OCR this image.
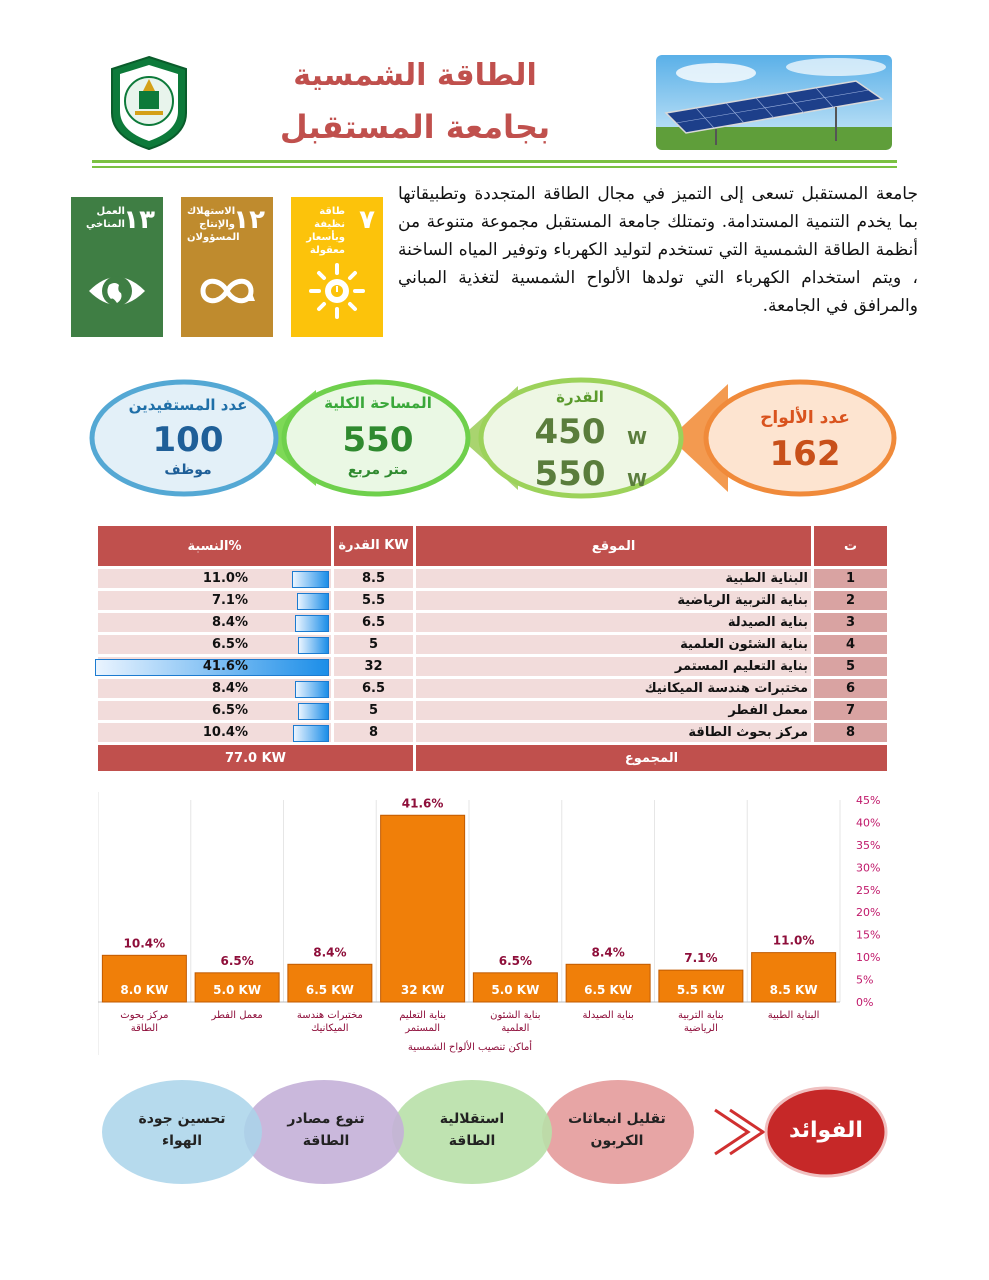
الطاقة الشمسية
بجامعة المستقبل
٧
طاقة نظيفة وبأسعار معقولة
١٢
الاستهلاك والإنتاج المسؤولان
١٣
العمل المناخي
جامعة المستقبل تسعى إلى التميز في مجال الطاقة المتجددة وتطبيقاتها بما يخدم التنمية المستدامة. وتمتلك جامعة المستقبل مجموعة متنوعة من أنظمة الطاقة الشمسية التي تستخدم لتوليد الكهرباء وتوفير المياه الساخنة ، ويتم استخدام الكهرباء التي تولدها الألواح الشمسية لتغذية المباني والمرافق في الجامعة.
عدد الألواح
162
القدرة
450	W
550	W
المساحة الكلية
550
متر مربع
عدد المستفيدين
100
موظف
النسبة%	القدرة KW	الموقع	ت

11.0%	8.5	البناية الطبية	1

7.1%	5.5	بناية التربية الرياضية	2

8.4%	6.5	بناية الصيدلة	3

6.5%	5	بناية الشئون العلمية	4

41.6%	32	بناية التعليم المستمر	5

8.4%	6.5	مختبرات هندسة الميكانيك	6

6.5%	5	معمل الفطر	7

10.4%	8	مركز بحوث الطاقة	8
77.0 KW		المجموع	
0%
5%
10%
15%
20%
25%
30%
35%
40%
45%
11.0%
8.5 KW
البناية الطبية
7.1%
5.5 KW
بناية التربية
الرياضية
8.4%
6.5 KW
بناية الصيدلة
6.5%
5.0 KW
بناية الشئون
العلمية
41.6%
32 KW
بناية التعليم
المستمر
8.4%
6.5 KW
مختبرات هندسة
الميكانيك
6.5%
5.0 KW
معمل الفطر
10.4%
8.0 KW
مركز بحوث
الطاقة
أماكن تنصيب الألواح الشمسية
الفوائد
تقليل انبعاثات الكربون
استقلالية الطاقة
تنوع مصادر الطاقة
تحسين جودة الهواء
